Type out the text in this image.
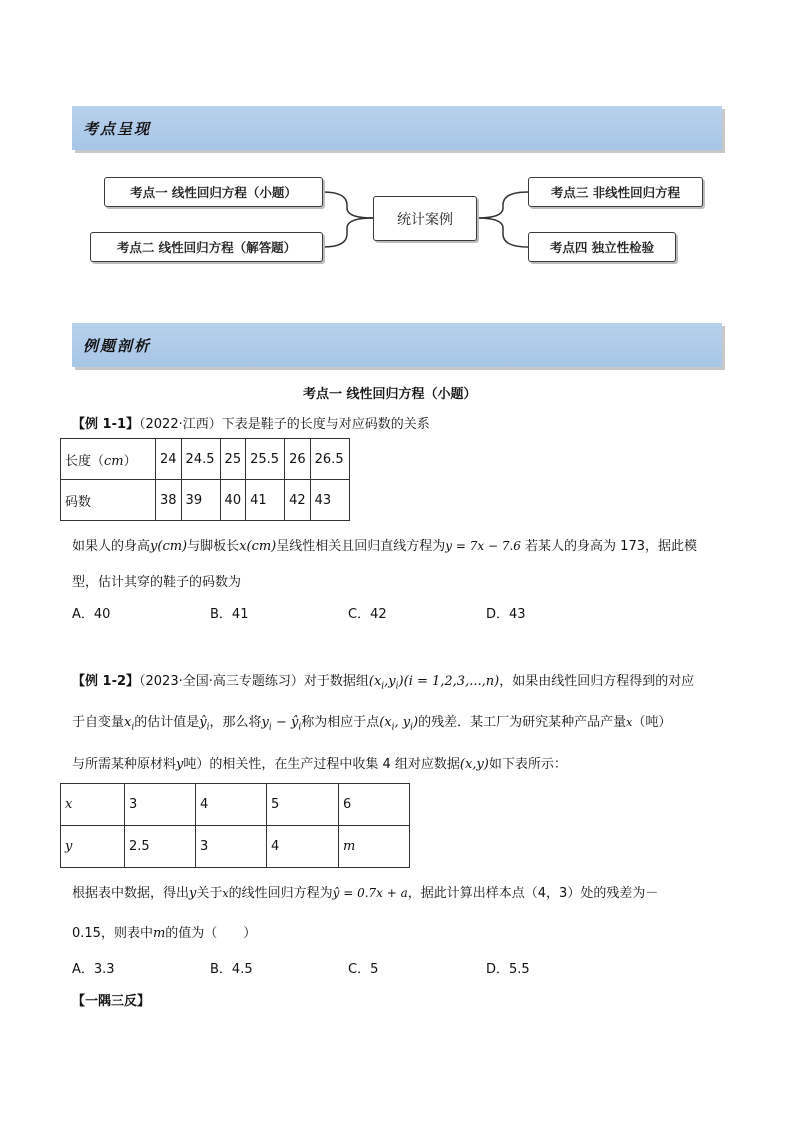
考点呈现
考点一 线性回归方程（小题）
考点二 线性回归方程（解答题）
统计案例
考点三 非线性回归方程
考点四 独立性检验
例题剖析
考点一 线性回归方程（小题）
【例 1-1】（2022·江西）下表是鞋子的长度与对应码数的关系
长度（cm）	24	24.5	25	25.5	26	26.5
码数	38	39	40	41	42	43
如果人的身高y(cm)与脚板长x(cm)呈线性相关且回归直线方程为y = 7x − 7.6 若某人的身高为 173，据此模
型，估计其穿的鞋子的码数为
A．40	B．41	C．42	D．43
【例 1-2】（2023·全国·高三专题练习）对于数据组$(x_i,y_i)(i = 1,2,3,...,n)$，如果由线性回归方程得到的对应
于自变量$x_i$的估计值是$ŷ_i$，那么将$y_i$ − $ŷ_i$称为相应于点($x_i$, $y_i$)的残差．某工厂为研究某种产品产量x（吨）
与所需某种原材料y吨）的相关性，在生产过程中收集 4 组对应数据(x,y)如下表所示：
x	3	4	5	6
y	2.5	3	4	m
根据表中数据，得出y关于x的线性回归方程为ŷ = 0.7x + a，据此计算出样本点（4，3）处的残差为－
0.15，则表中m的值为（　　）
A．3.3	B．4.5	C．5	D．5.5
【一隅三反】
